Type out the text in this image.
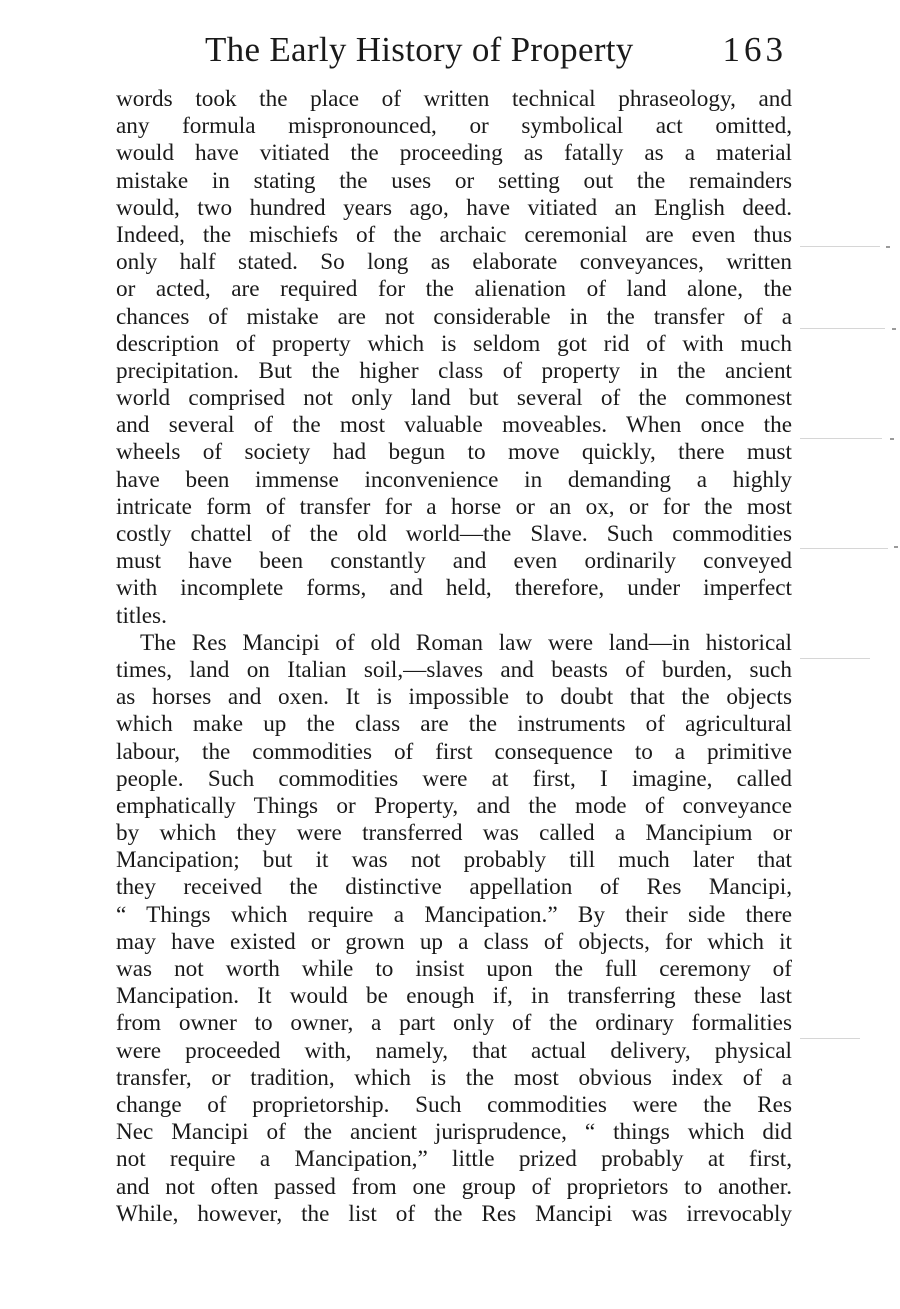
The Early History of Property	163
words took the place of written technical phraseology, and
any formula mispronounced, or symbolical act omitted,
would have vitiated the proceeding as fatally as a material
mistake in stating the uses or setting out the remainders
would, two hundred years ago, have vitiated an English deed.
Indeed, the mischiefs of the archaic ceremonial are even thus
only half stated. So long as elaborate conveyances, written
or acted, are required for the alienation of land alone, the
chances of mistake are not considerable in the transfer of a
description of property which is seldom got rid of with much
precipitation. But the higher class of property in the ancient
world comprised not only land but several of the commonest
and several of the most valuable moveables. When once the
wheels of society had begun to move quickly, there must
have been immense inconvenience in demanding a highly
intricate form of transfer for a horse or an ox, or for the most
costly chattel of the old world—the Slave. Such commodities
must have been constantly and even ordinarily conveyed
with incomplete forms, and held, therefore, under imperfect
titles.
The Res Mancipi of old Roman law were land—in historical
times, land on Italian soil,—slaves and beasts of burden, such
as horses and oxen. It is impossible to doubt that the objects
which make up the class are the instruments of agricultural
labour, the commodities of first consequence to a primitive
people. Such commodities were at first, I imagine, called
emphatically Things or Property, and the mode of conveyance
by which they were transferred was called a Mancipium or
Mancipation; but it was not probably till much later that
they received the distinctive appellation of Res Mancipi,
“ Things which require a Mancipation.” By their side there
may have existed or grown up a class of objects, for which it
was not worth while to insist upon the full ceremony of
Mancipation. It would be enough if, in transferring these last
from owner to owner, a part only of the ordinary formalities
were proceeded with, namely, that actual delivery, physical
transfer, or tradition, which is the most obvious index of a
change of proprietorship. Such commodities were the Res
Nec Mancipi of the ancient jurisprudence, “ things which did
not require a Mancipation,” little prized probably at first,
and not often passed from one group of proprietors to another.
While, however, the list of the Res Mancipi was irrevocably
